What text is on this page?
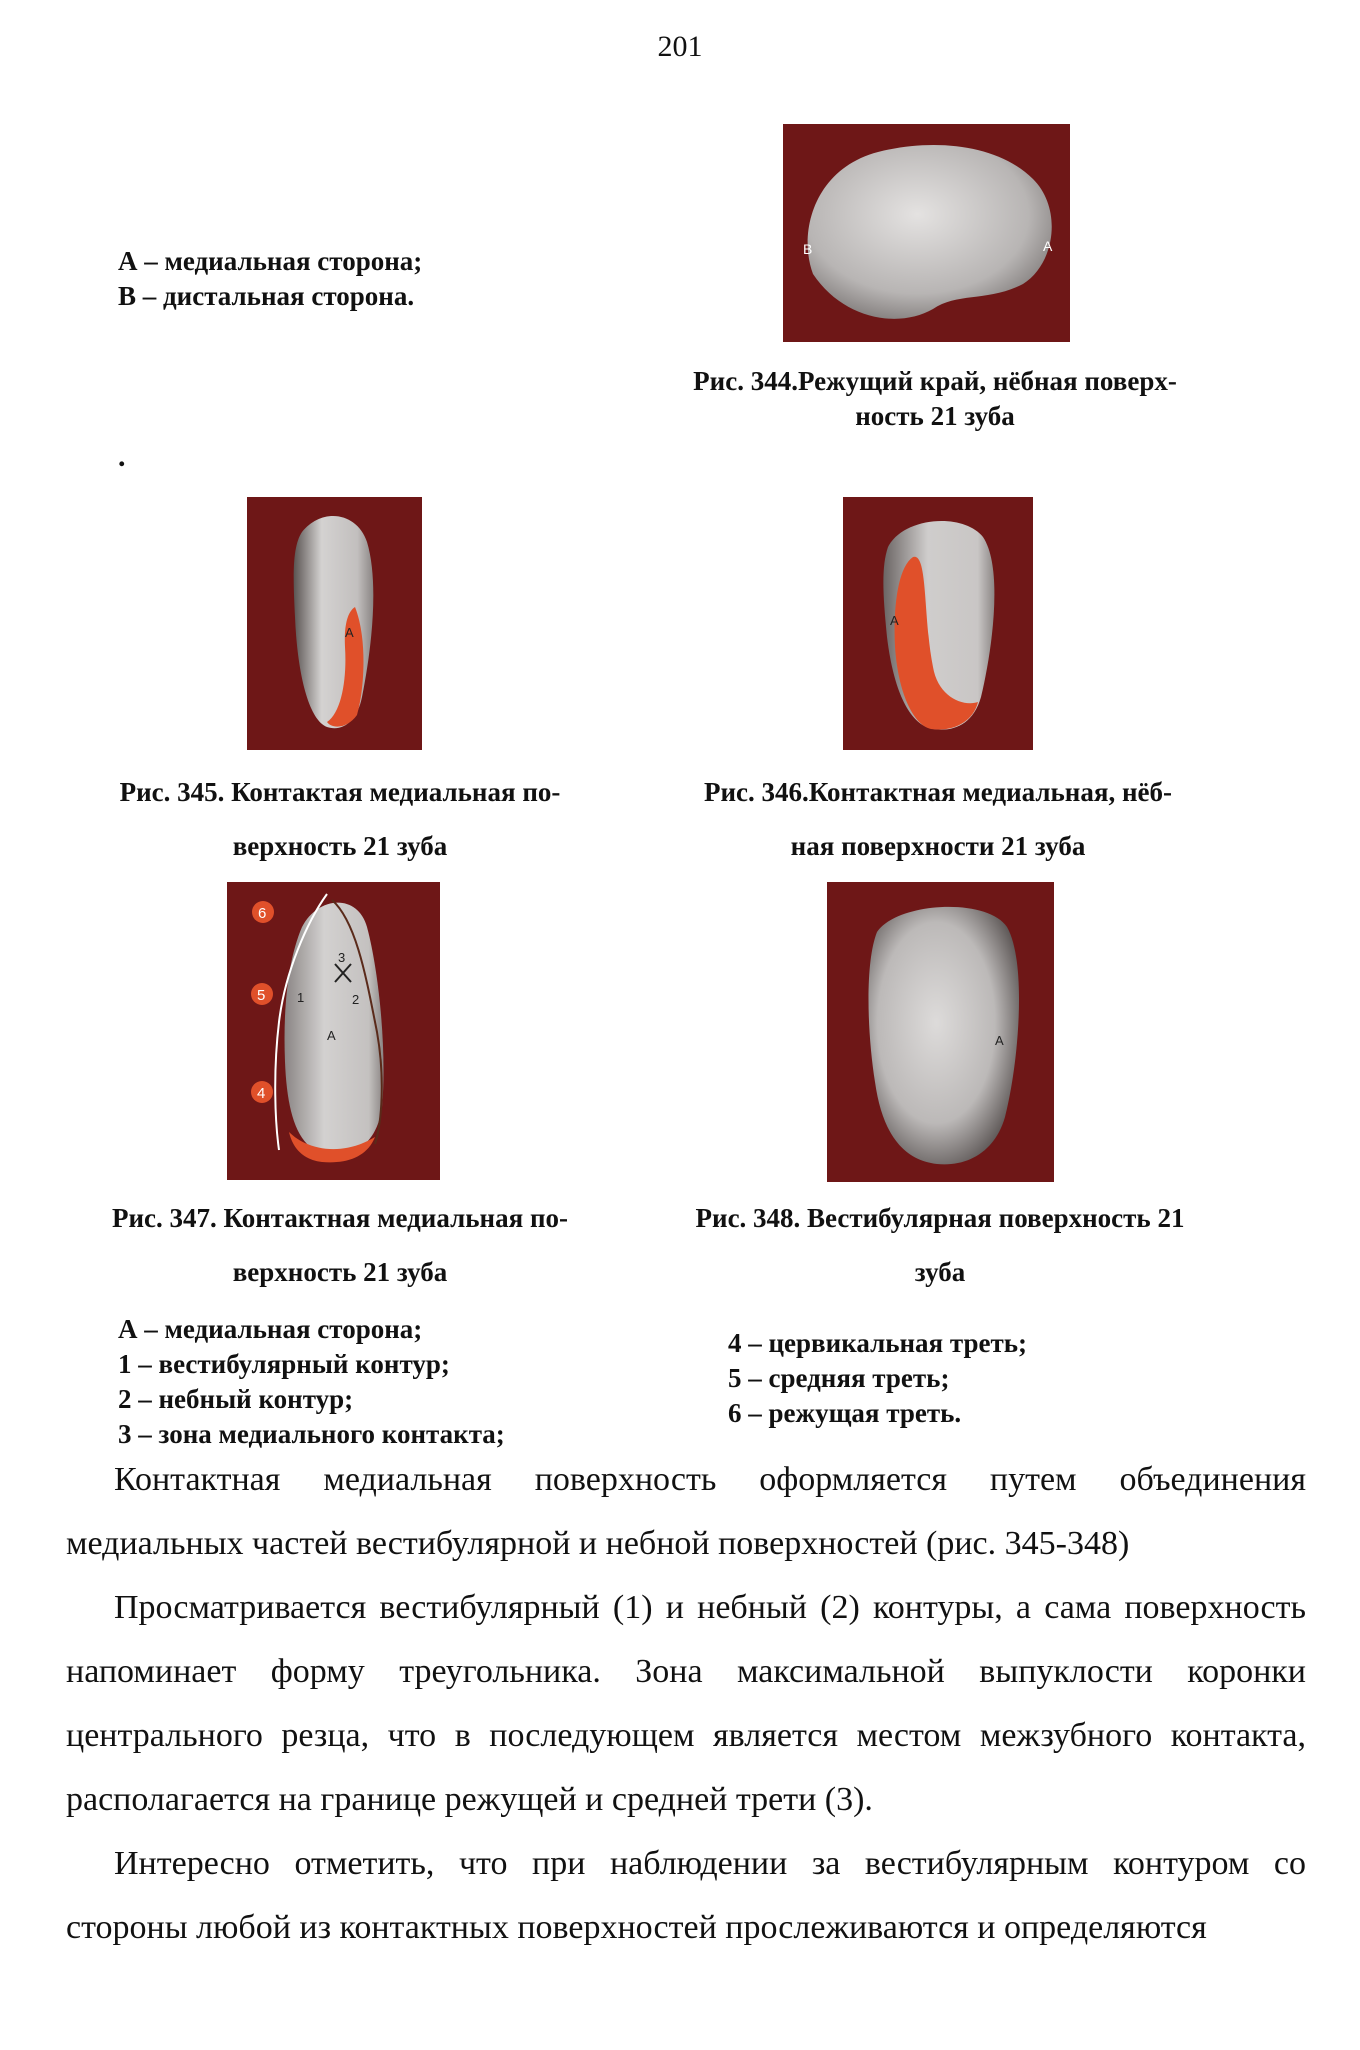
201
А – медиальная сторона;
В – дистальная сторона.
В	А
Рис. 344.Режущий край, нёбная поверх-
ность 21 зуба
.
А
Рис. 345. Контактая медиальная по-
верхность 21 зуба
А
Рис. 346.Контактная медиальная, нёб-
ная поверхности 21 зуба
6
5
4
1	2
3
А
Рис. 347. Контактная медиальная по-
верхность 21 зуба
А
Рис. 348. Вестибулярная поверхность 21
зуба
А – медиальная сторона;
1 – вестибулярный контур;
2 – небный контур;
3 – зона медиального контакта;
4 – цервикальная треть;
5 – средняя треть;
6 – режущая треть.

Контактная медиальная поверхность оформляется путем объединения медиальных частей вестибулярной и небной поверхностей (рис. 345-348)

Просматривается вестибулярный (1) и небный (2) контуры, а сама поверхность напоминает форму треугольника. Зона максимальной выпуклости коронки центрального резца, что в последующем является местом межзубного контакта, располагается на границе режущей и средней трети (3).

Интересно отметить, что при наблюдении за вестибулярным контуром со стороны любой из контактных поверхностей прослеживаются и определяются
